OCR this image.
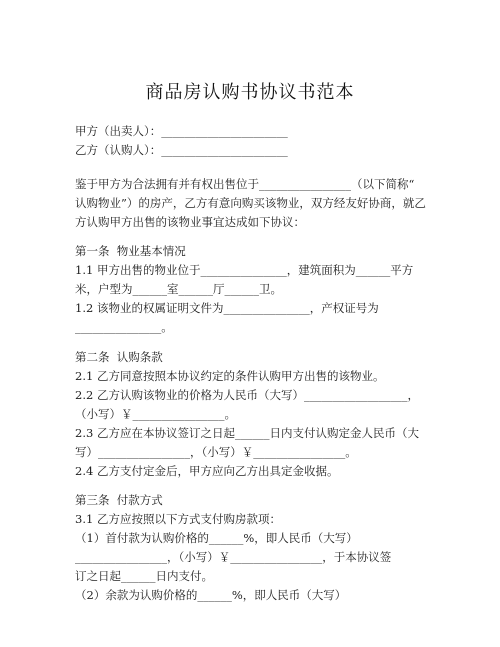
商品房认购书协议书范本
甲方（出卖人）：______________________
乙方（认购人）：______________________
鉴于甲方为合法拥有并有权出售位于________________（以下简称“
认购物业”）的房产，乙方有意向购买该物业，双方经友好协商，就乙
方认购甲方出售的该物业事宜达成如下协议：
第一条  物业基本情况
1.1 甲方出售的物业位于_______________，建筑面积为______平方
米，户型为______室______厅______卫。
1.2 该物业的权属证明文件为_______________，产权证号为
_______________。
第二条  认购条款
2.1 乙方同意按照本协议约定的条件认购甲方出售的该物业。
2.2 乙方认购该物业的价格为人民币（大写）__________________，
（小写）￥________________。
2.3 乙方应在本协议签订之日起______日内支付认购定金人民币（大
写）________________，（小写）￥________________。
2.4 乙方支付定金后，甲方应向乙方出具定金收据。
第三条  付款方式
3.1 乙方应按照以下方式支付购房款项：
（1）首付款为认购价格的______%，即人民币（大写）
________________，（小写）￥________________，于本协议签
订之日起______日内支付。
（2）余款为认购价格的______%，即人民币（大写）
